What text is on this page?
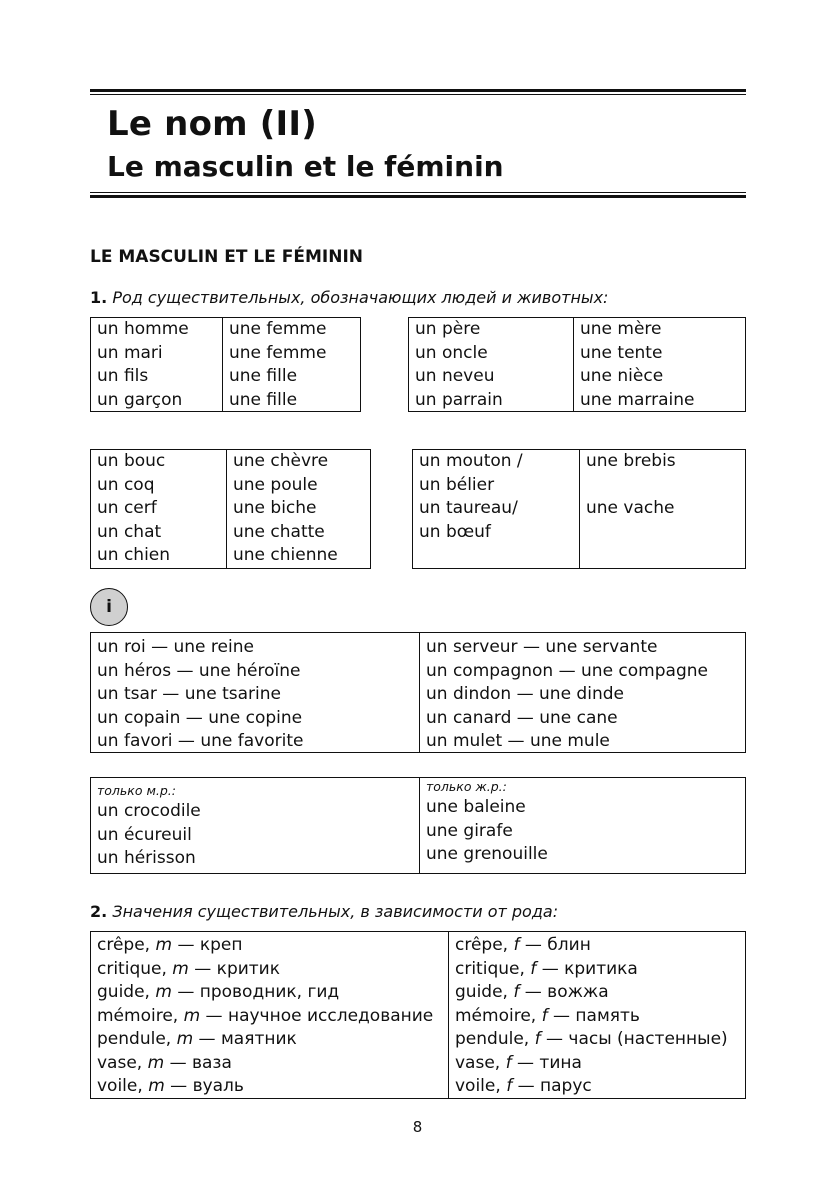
Le nom (II)
Le masculin et le féminin
LE MASCULIN ET LE FÉMININ
1. Род существительных, обозначающих людей и животных:
un homme
un mari
un fils
un garçon
une femme
une femme
une fille
une fille
un père
un oncle
un neveu
un parrain
une mère
une tente
une nièce
une marraine
un bouc
un coq
un cerf
un chat
un chien
une chèvre
une poule
une biche
une chatte
une chienne
un mouton /
un bélier
un taureau/
un bœuf
une brebis
une vache
i
un roi — une reine
un héros — une héroïne
un tsar — une tsarine
un copain — une copine
un favori — une favorite
un serveur — une servante
un compagnon — une compagne
un dindon — une dinde
un canard — une cane
un mulet — une mule
только м.р.:
un crocodile
un écureuil
un hérisson
только ж.р.:
une baleine
une girafe
une grenouille
2. Значения существительных, в зависимости от рода:
crêpe, m — креп
critique, m — критик
guide, m — проводник, гид
mémoire, m — научное исследование
pendule, m — маятник
vase, m — ваза
voile, m — вуаль
crêpe, f — блин
critique, f — критика
guide, f — вожжа
mémoire, f — память
pendule, f — часы (настенные)
vase, f — тина
voile, f — парус
8
